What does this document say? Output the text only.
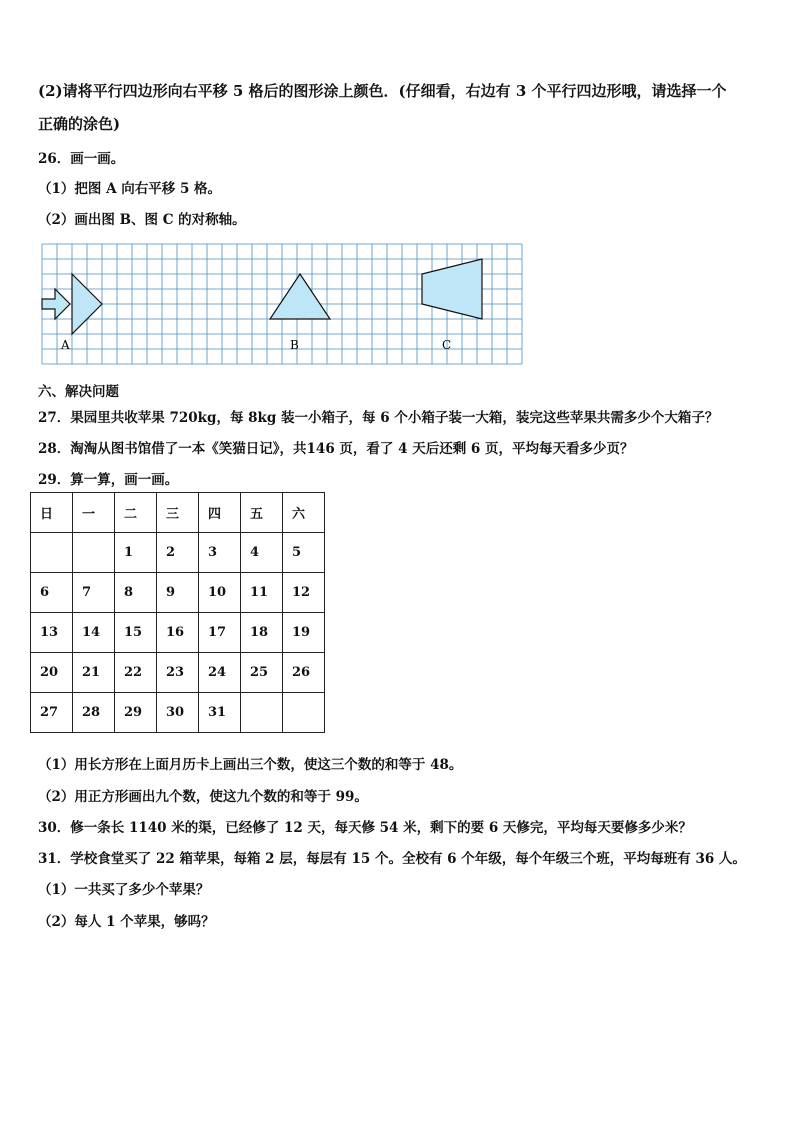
(2)请将平行四边形向右平移 5 格后的图形涂上颜色．(仔细看，右边有 3 个平行四边形哦，请选择一个
正确的涂色)
26．画一画。
（1）把图 A 向右平移 5 格。
（2）画出图 B、图 C 的对称轴。
A	B	C
六、解决问题
27．果园里共收苹果 720kg，每 8kg 装一小箱子，每 6 个小箱子装一大箱，装完这些苹果共需多少个大箱子？
28．淘淘从图书馆借了一本《笑猫日记》，共146 页，看了 4 天后还剩 6 页，平均每天看多少页？
29．算一算，画一画。
日	一	二	三	四	五	六
		1	2	3	4	5
6	7	8	9	10	11	12
13	14	15	16	17	18	19
20	21	22	23	24	25	26
27	28	29	30	31		
（1）用长方形在上面月历卡上画出三个数，使这三个数的和等于 48。
（2）用正方形画出九个数，使这九个数的和等于 99。
30．修一条长 1140 米的渠，已经修了 12 天，每天修 54 米，剩下的要 6 天修完，平均每天要修多少米？
31．学校食堂买了 22 箱苹果，每箱 2 层，每层有 15 个。全校有 6 个年级，每个年级三个班，平均每班有 36 人。
（1）一共买了多少个苹果？
（2）每人 1 个苹果，够吗？
